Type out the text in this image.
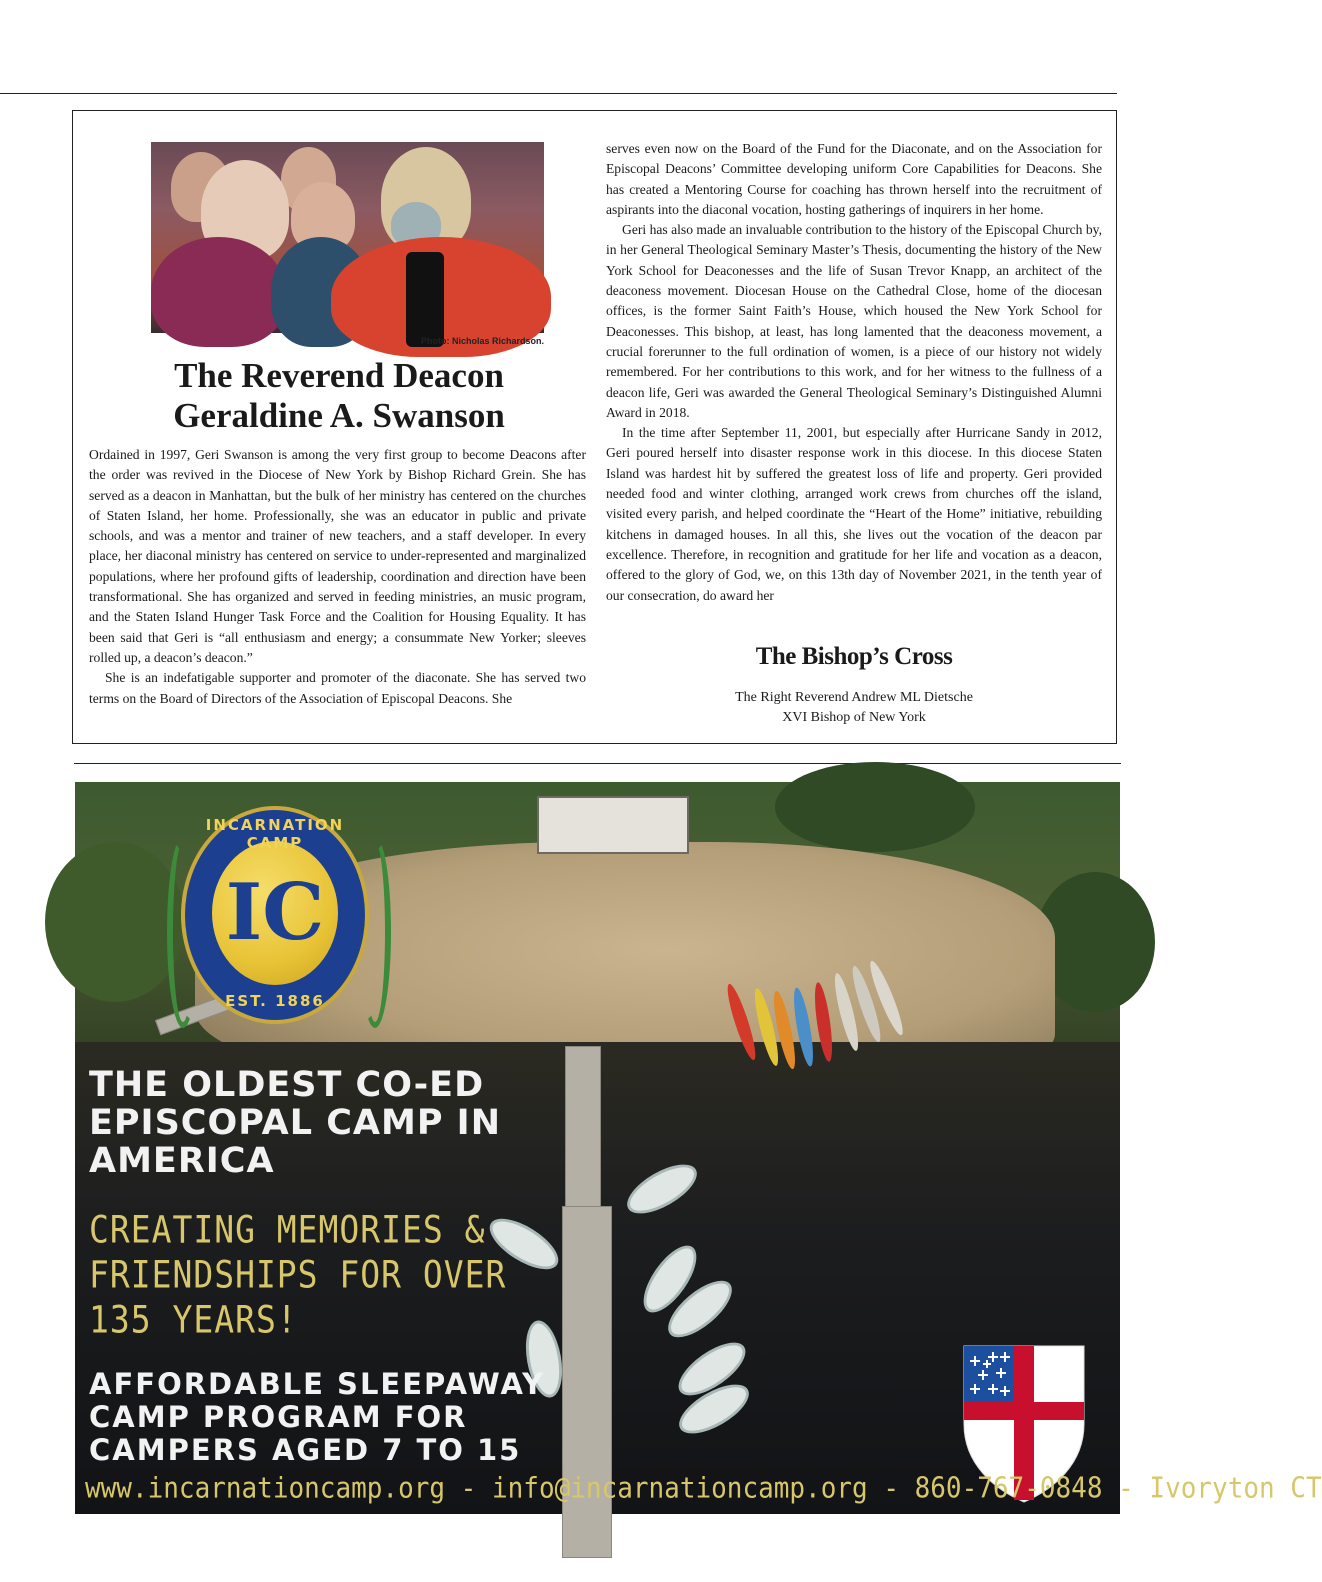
Photo: Nicholas Richardson.
The Reverend Deacon
Geraldine A. Swanson

Ordained in 1997, Geri Swanson is among the very first group to become Deacons after the order was revived in the Diocese of New York by Bishop Richard Grein. She has served as a deacon in Manhattan, but the bulk of her ministry has centered on the churches of Staten Island, her home. Professionally, she was an educator in public and private schools, and was a mentor and trainer of new teachers, and a staff developer. In every place, her diaconal ministry has centered on service to under-represented and marginalized populations, where her profound gifts of leadership, coordination and direction have been transformational. She has organized and served in feeding ministries, an music program, and the Staten Island Hunger Task Force and the Coalition for Housing Equality. It has been said that Geri is “all enthusiasm and energy; a consummate New Yorker; sleeves rolled up, a deacon’s deacon.”

She is an indefatigable supporter and promoter of the diaconate. She has served two terms on the Board of Directors of the Association of Episcopal Deacons. She

serves even now on the Board of the Fund for the Diaconate, and on the Association for Episcopal Deacons’ Committee developing uniform Core Capabilities for Deacons. She has created a Mentoring Course for coaching has thrown herself into the recruitment of aspirants into the diaconal vocation, hosting gatherings of inquirers in her home.

Geri has also made an invaluable contribution to the history of the Episcopal Church by, in her General Theological Seminary Master’s Thesis, documenting the history of the New York School for Deaconesses and the life of Susan Trevor Knapp, an architect of the deaconess movement. Diocesan House on the Cathedral Close, home of the diocesan offices, is the former Saint Faith’s House, which housed the New York School for Deaconesses. This bishop, at least, has long lamented that the deaconess movement, a crucial forerunner to the full ordination of women, is a piece of our history not widely remembered. For her contributions to this work, and for her witness to the fullness of a deacon life, Geri was awarded the General Theological Seminary’s Distinguished Alumni Award in 2018.

In the time after September 11, 2001, but especially after Hurricane Sandy in 2012, Geri poured herself into disaster response work in this diocese. In this diocese Staten Island was hardest hit by suffered the greatest loss of life and property. Geri provided needed food and winter clothing, arranged work crews from churches off the island, visited every parish, and helped coordinate the “Heart of the Home” initiative, rebuilding kitchens in damaged houses. In all this, she lives out the vocation of the deacon par excellence. Therefore, in recognition and gratitude for her life and vocation as a deacon, offered to the glory of God, we, on this 13th day of November 2021, in the tenth year of our consecration, do award her

The Bishop’s Cross
The Right Reverend Andrew ML Dietsche
XVI Bishop of New York
IC
INCARNATION CAMP
EST. 1886
THE OLDEST CO-ED
EPISCOPAL CAMP IN
AMERICA
CREATING MEMORIES &
FRIENDSHIPS FOR OVER
135 YEARS!
AFFORDABLE SLEEPAWAY
CAMP PROGRAM FOR
CAMPERS AGED 7 TO 15
www.incarnationcamp.org - info@incarnationcamp.org - 860-767-0848 - Ivoryton CT
